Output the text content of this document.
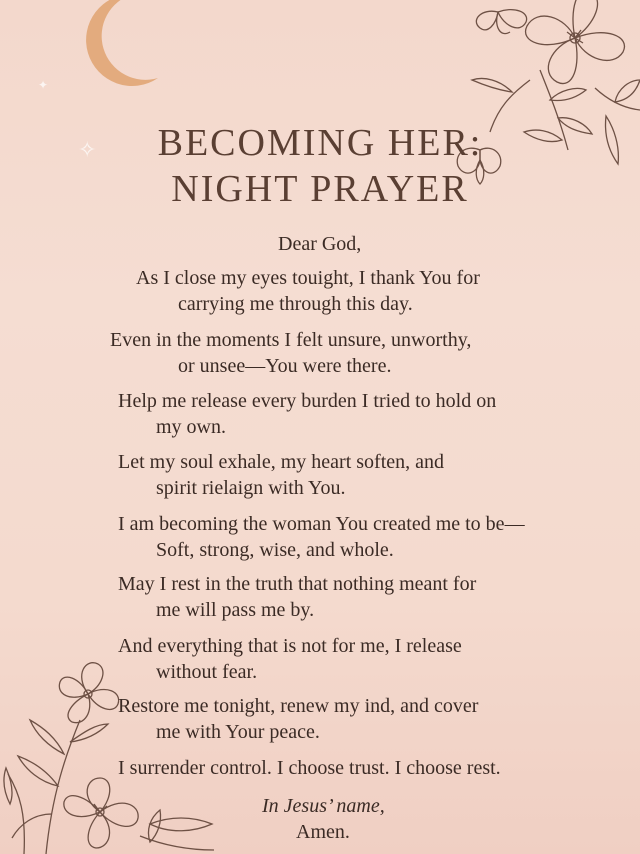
✦
✧	BECOMING HER:
NIGHT PRAYER
Dear God,
As I close my eyes touight, I thank You for
carrying me through this day.
Even in the moments I felt unsure, unworthy,
or unsee—You were there.
Help me release every burden I tried to hold on
my own.
Let my soul exhale, my heart soften, and
spirit rielaign with You.
I am becoming the woman You created me to be—
Soft, strong, wise, and whole.
May I rest in the truth that nothing meant for
me will pass me by.
And everything that is not for me, I release
without fear.
Restore me tonight, renew my ind, and cover
me with Your peace.
I surrender control. I choose trust. I choose rest.
In Jesus’ name,
Amen.
